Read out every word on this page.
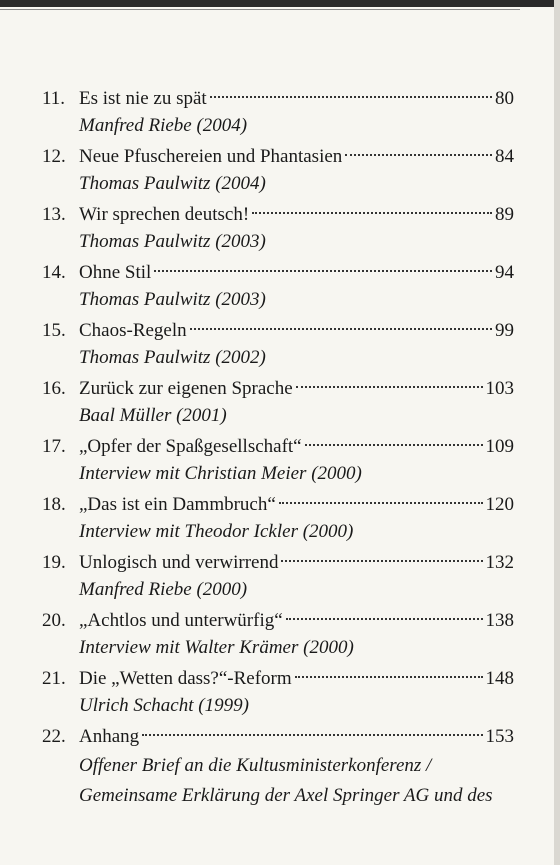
11. Es ist nie zu spät	80
Manfred Riebe (2004)
12. Neue Pfuschereien und Phantasien	84
Thomas Paulwitz (2004)
13. Wir sprechen deutsch!	89
Thomas Paulwitz (2003)
14. Ohne Stil	94
Thomas Paulwitz (2003)
15. Chaos-Regeln	99
Thomas Paulwitz (2002)
16. Zurück zur eigenen Sprache	103
Baal Müller (2001)
17. „Opfer der Spaßgesellschaft“	109
Interview mit Christian Meier (2000)
18. „Das ist ein Dammbruch“	120
Interview mit Theodor Ickler (2000)
19. Unlogisch und verwirrend	132
Manfred Riebe (2000)
20. „Achtlos und unterwürfig“	138
Interview mit Walter Krämer (2000)
21. Die „Wetten dass?“-Reform	148
Ulrich Schacht (1999)
22. Anhang	153
Offener Brief an die Kultusministerkonferenz / Gemeinsame Erklärung der Axel Springer AG und des
